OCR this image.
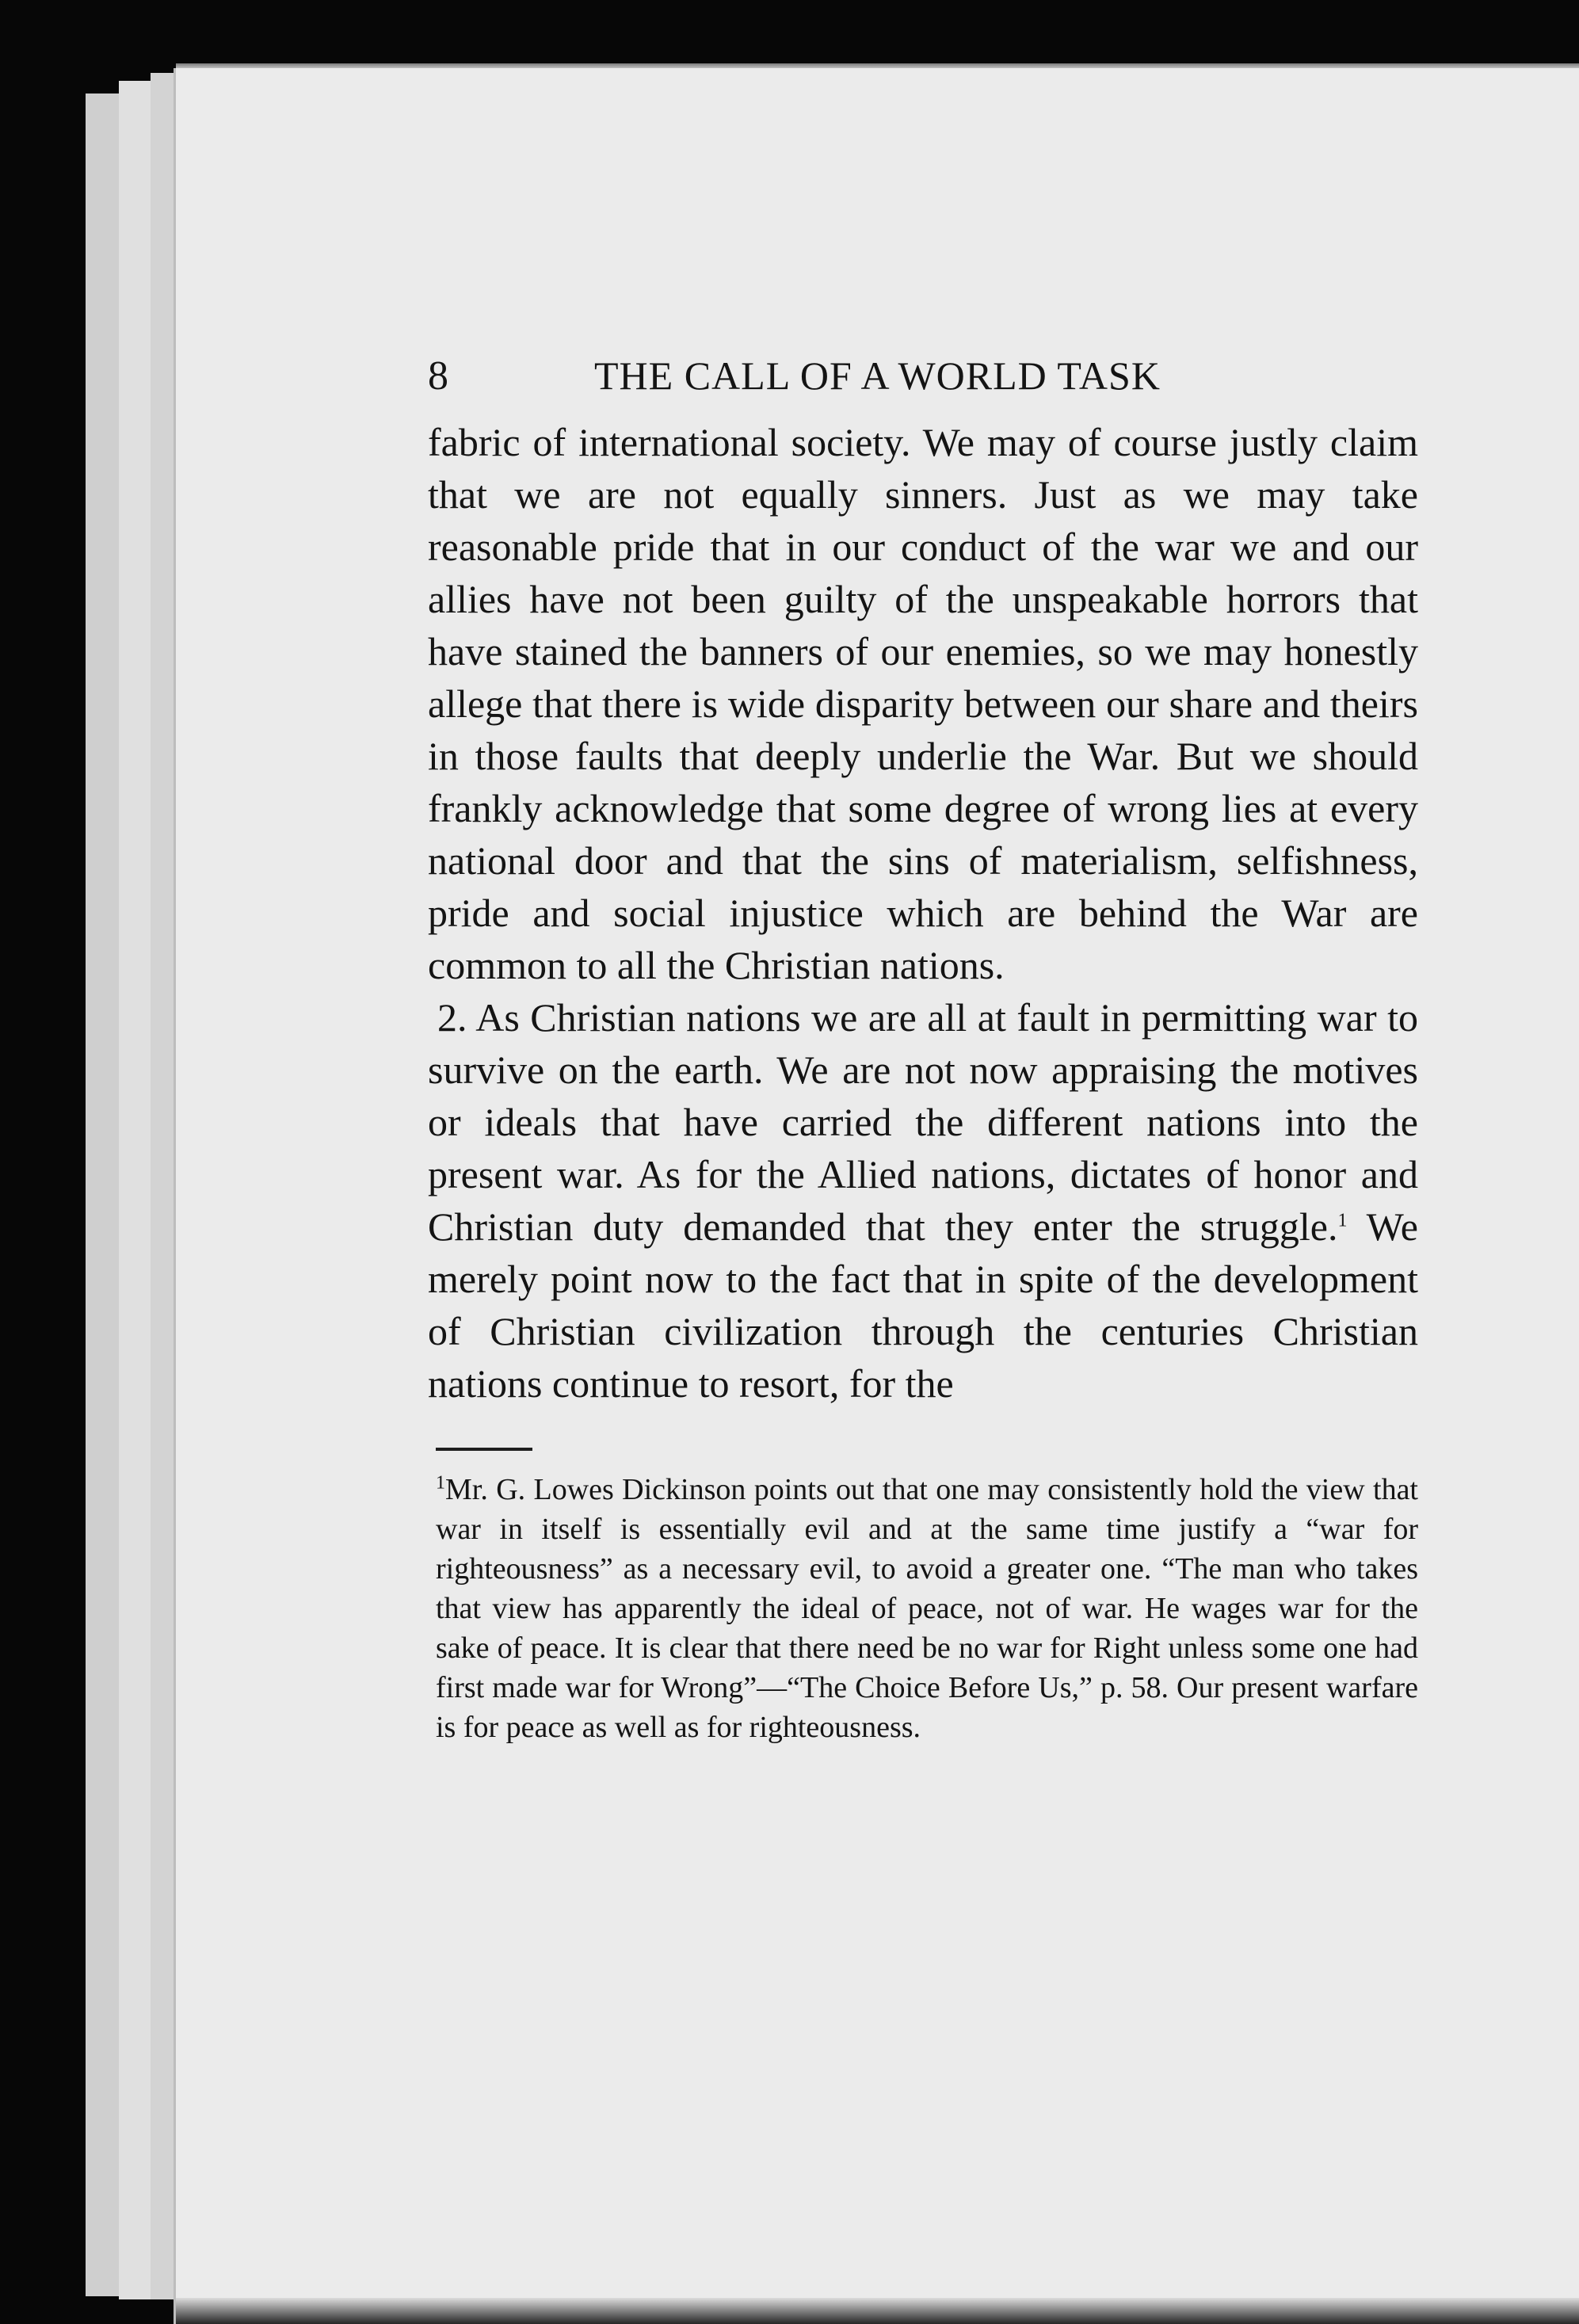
8	THE CALL OF A WORLD TASK

fabric of international society. We may of course justly claim that we are not equally sinners. Just as we may take reasonable pride that in our conduct of the war we and our allies have not been guilty of the unspeakable horrors that have stained the banners of our enemies, so we may honestly allege that there is wide disparity between our share and theirs in those faults that deeply underlie the War. But we should frankly acknowledge that some degree of wrong lies at every national door and that the sins of materialism, selfishness, pride and social injustice which are behind the War are common to all the Christian nations.

2. As Christian nations we are all at fault in permitting war to survive on the earth. We are not now appraising the motives or ideals that have carried the different nations into the present war. As for the Allied nations, dictates of honor and Christian duty demanded that they enter the struggle.$^1$ We merely point now to the fact that in spite of the development of Christian civilization through the centuries Christian nations continue to resort, for the

$^1$Mr. G. Lowes Dickinson points out that one may consistently hold the view that war in itself is essentially evil and at the same time justify a “war for righteousness” as a necessary evil, to avoid a greater one. “The man who takes that view has apparently the ideal of peace, not of war. He wages war for the sake of peace. It is clear that there need be no war for Right unless some one had first made war for Wrong”—“The Choice Before Us,” p. 58. Our present warfare is for peace as well as for righteousness.
